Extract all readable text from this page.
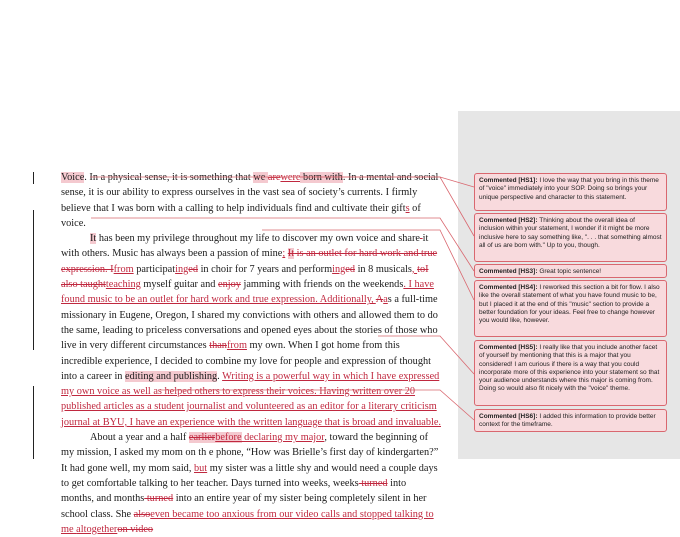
Voice. In a physical sense, it is something that we arewere born with. In a mental and social sense, it is our ability to express ourselves in the vast sea of society’s currents. I firmly believe that I was born with a calling to help individuals find and cultivate their gifts of voice.

It has been my privilege throughout my life to discover my own voice and share it with others. Music has always been a passion of mine; It is an outlet for hard work and true expression. Ifrom participatinged in choir for 7 years and performinged in 8 musicals, toI also taughtteaching myself guitar and enjoy jamming with friends on the weekends. I have found music to be an outlet for hard work and true expression. Additionally, Aas a full-time missionary in Eugene, Oregon, I shared my convictions with others and allowed them to do the same, leading to priceless conversations and opened eyes about the stories of those who live in very different circumstances thanfrom my own. When I got home from this incredible experience, I decided to combine my love for people and expression of thought into a career in editing and publishing. Writing is a powerful way in which I have expressed my own voice as well as helped others to express their voices. Having written over 20 published articles as a student journalist and volunteered as an editor for a literary criticism journal at BYU, I have an experience with the written language that is broad and invaluable.

About a year and a half earlierbefore declaring my major, toward the beginning of my mission, I asked my mom on th e phone, “How was Brielle’s first day of kindergarten?” It had gone well, my mom said, but my sister was a little shy and would need a couple days to get comfortable talking to her teacher. Days turned into weeks, weeks turned into months, and months turned into an entire year of my sister being completely silent in her school class. She alsoeven became too anxious from our video calls and stopped talking to me altogetheron video

Commented [HS1]: I love the way that you bring in this theme of "voice" immediately into your SOP. Doing so brings your unique perspective and character to this statement.
Commented [HS2]: Thinking about the overall idea of inclusion within your statement, I wonder if it might be more inclusive here to say something like, ". . . that something almost all of us are born with." Up to you, though.
Commented [HS3]: Great topic sentence!
Commented [HS4]: I reworked this section a bit for flow. I also like the overall statement of what you have found music to be, but I placed it at the end of this "music" section to provide a better foundation for your ideas. Feel free to change however you would like, however.
Commented [HS5]: I really like that you include another facet of yourself by mentioning that this is a major that you considered! I am curious if there is a way that you could incorporate more of this experience into your statement so that your audience understands where this major is coming from. Doing so would also fit nicely with the "voice" theme.
Commented [HS6]: I added this information to provide better context for the timeframe.
